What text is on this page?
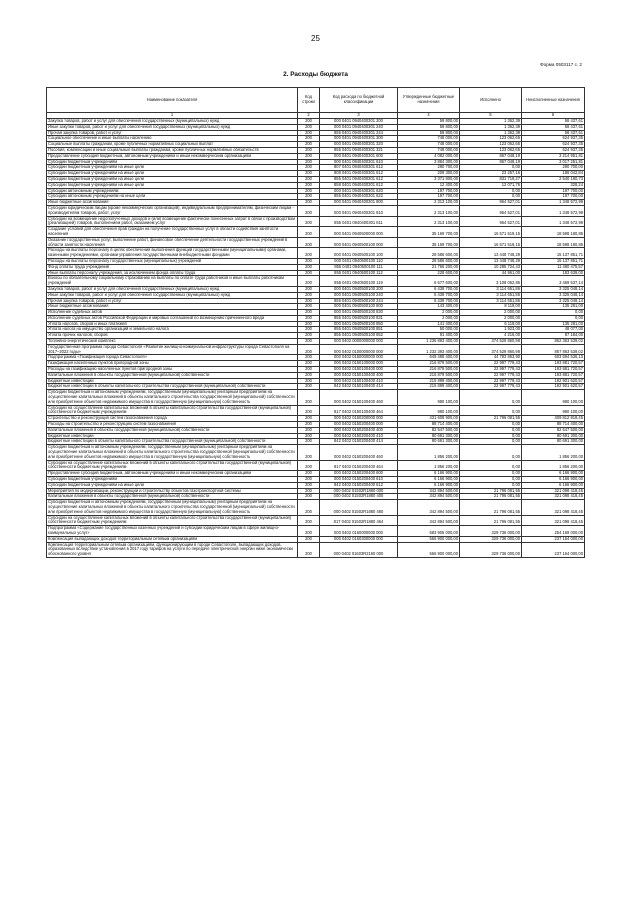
25
Форма 0503117 с. 2
2. Расходы бюджета
Наименование показателя	Код строки	Код расхода по бюджетной классификации	Утвержденные бюджетные назначения	Исполнено	Неисполненные назначения
1	2	3	4	5	6
Закупка товаров, работ и услуг для обеспечения государственных (муниципальных) нужд	200	000 0401 0940400301 200	59 800,00	1 362,39	58 437,61
Иные закупки товаров, работ и услуг для обеспечения государственных (муниципальных) нужд	200	000 0401 0940400301 240	59 800,00	1 362,39	58 437,61
Прочая закупка товаров, работ и услуг	200	855 0401 0940400301 244	59 800,00	1 362,39	58 437,61
Социальное обеспечение и иные выплаты населению	200	000 0401 0940400301 300	748 000,00	123 062,65	624 937,35
Социальные выплаты гражданам, кроме публичных нормативных социальных выплат	200	000 0401 0940400301 320	748 000,00	123 062,65	624 937,35
Пособия, компенсации и иные социальные выплаты гражданам, кроме публичных нормативных обязательств	200	855 0401 0940400301 321	748 000,00	123 062,65	624 937,35
Предоставление субсидий бюджетным, автономным учреждениям и иным некоммерческим организациям	200	000 0401 0940400301 600	4 082 000,00	867 048,19	3 214 951,81
Субсидии бюджетным учреждениям	200	000 0401 0940400301 610	3 884 300,00	867 048,19	3 017 251,81
Субсидии бюджетным учреждениям на иные цели	200	807 0401 0940400301 612	290 700,00	0,00	290 700,00
Субсидии бюджетным учреждениям на иные цели	200	808 0401 0940400301 612	209 300,00	23 257,16	186 042,84
Субсидии бюджетным учреждениям на иные цели	200	855 0401 0940400301 612	3 371 800,00	831 719,27	2 540 180,73
Субсидии бюджетным учреждениям на иные цели	200	858 0401 0940400301 612	12 400,00	12 071,76	328,24
Субсидии автономным учреждениям	200	000 0401 0940400301 620	197 700,00	0,00	197 700,00
Субсидии автономным учреждениям на иные цели	200	855 0401 0940400301 622	197 700,00	0,00	197 700,00
Иные бюджетные ассигнования	200	000 0401 0940400301 800	2 313 100,00	964 527,01	1 348 572,99
Субсидии юридическим лицам (кроме некоммерческих организаций), индивидуальным предпринимателям, физическим лицам - производителям товаров, работ, услуг	200	000 0401 0940400301 810	2 313 100,00	964 527,01	1 348 572,99
Субсидии на возмещение недополученных доходов и (или) возмещение фактически понесенных затрат в связи с производством (реализацией) товаров, выполнением работ, оказанием услуг	200	855 0401 0940400301 811	2 313 100,00	964 527,01	1 348 572,99
Создание условий для обеспечения прав граждан на получение государственных услуг в области содействия занятости населения	200	000 0401 0940500000 000	35 169 700,00	16 571 519,15	18 598 180,85
Оказание государственных услуг, выполнение работ, финансовое обеспечение деятельности государственных учреждений в области занятости населения	200	000 0401 0940500100 000	35 169 700,00	16 571 519,15	18 598 180,85
Расходы на выплаты персоналу в целях обеспечения выполнения функций государственными (муниципальными) органами, казенными учреждениями, органами управления государственными внебюджетными фондами	200	000 0401 0940500100 100	28 586 600,00	13 448 748,29	15 137 851,71
Расходы на выплаты персоналу государственных (муниципальных) учреждений	200	000 0401 0940500100 110	28 586 600,00	13 448 748,29	15 137 851,71
Фонд оплаты труда учреждений	200	855 0401 0940500100 111	21 766 200,00	10 285 724,43	11 480 475,57
Иные выплаты персоналу учреждений, за исключением фонда оплаты труда	200	855 0401 0940500100 112	228 600,00	44 961,00	183 639,00
Взносы по обязательному социальному страхованию на выплаты по оплате труда работников и иные выплаты работникам учреждений	200	855 0401 0940500100 119	6 577 600,00	3 108 062,86	3 469 537,14
Закупка товаров, работ и услуг для обеспечения государственных (муниципальных) нужд	200	000 0401 0940500100 200	6 439 700,00	3 114 651,86	3 325 048,14
Иные закупки товаров, работ и услуг для обеспечения государственных (муниципальных) нужд	200	000 0401 0940500100 240	6 439 700,00	3 114 651,86	3 325 048,14
Прочая закупка товаров, работ и услуг	200	855 0401 0940500100 244	6 439 700,00	3 114 651,86	3 325 048,14
Иные бюджетные ассигнования	200	000 0401 0940500100 800	143 400,00	8 119,00	135 281,00
Исполнение судебных актов	200	000 0401 0940500100 830	2 000,00	2 000,00	0,00
Исполнение судебных актов Российской Федерации и мировых соглашений по возмещению причиненного вреда	200	855 0401 0940500100 831	2 000,00	2 000,00	0,00
Уплата налогов, сборов и иных платежей	200	000 0401 0940500100 850	141 400,00	6 119,00	135 281,00
Уплата налога на имущество организаций и земельного налога	200	855 0401 0940500100 851	50 000,00	1 923,00	48 077,00
Уплата прочих налогов, сборов	200	855 0401 0940500100 852	91 400,00	4 216,00	87 184,00
Топливно-энергетический комплекс	200	000 0402 0000000000 000	1 236 893 400,00	374 529 860,98	862 363 539,02
Государственная программа города Севастополя «Развитие жилищно-коммунальной инфраструктуры города Севастополя на 2017–2022 годы»	200	000 0402 0100000000 000	1 232 393 400,00	374 529 860,98	857 863 539,02
Подпрограмма «Газификация города Севастополя»	200	000 0402 0150000000 000	649 488 400,00	44 793 863,90	603 694 536,10
Газификация населенных пунктов пригородной зоны	200	000 0402 0150100000 000	216 879 500,00	22 997 779,43	193 881 720,57
Расходы на газификацию населенных пунктов пригородной зоны	200	000 0402 0150100400 000	216 879 500,00	22 997 779,43	193 881 720,57
Капитальные вложения в объекты государственной (муниципальной) собственности	200	000 0402 0150100400 400	216 879 500,00	22 997 779,43	193 881 720,57
Бюджетные инвестиции	200	000 0402 0150100400 410	215 899 400,00	22 997 779,43	192 901 620,57
Бюджетные инвестиции в объекты капитального строительства государственной (муниципальной) собственности	200	842 0402 0150100400 414	215 899 400,00	22 997 779,43	192 901 620,57
Субсидии бюджетным и автономным учреждениям, государственным (муниципальным) унитарным предприятиям на осуществление капитальных вложений в объекты капитального строительства государственной (муниципальной) собственности или приобретение объектов недвижимого имущества в государственную (муниципальную) собственность	200	000 0402 0150100400 460	980 100,00	0,00	980 100,00
Субсидии на осуществление капитальных вложений в объекты капитального строительства государственной (муниципальной) собственности бюджетным учреждениям	200	817 0402 0150100400 464	980 100,00	0,00	980 100,00
Строительство и реконструкция систем газоснабжения города	200	000 0402 0150200000 000	431 608 900,00	21 796 081,55	409 812 818,45
Расходы на строительство и реконструкцию систем газоснабжения	200	000 0402 0150200400 000	88 714 400,00	0,00	88 714 400,00
Капитальные вложения в объекты государственной (муниципальной) собственности	200	000 0402 0150200400 400	82 547 500,00	0,00	82 547 500,00
Бюджетные инвестиции	200	000 0402 0150200400 410	80 691 300,00	0,00	80 691 300,00
Бюджетные инвестиции в объекты капитального строительства государственной (муниципальной) собственности	200	842 0402 0150200400 414	80 691 300,00	0,00	80 691 300,00
Субсидии бюджетным и автономным учреждениям, государственным (муниципальным) унитарным предприятиям на осуществление капитальных вложений в объекты капитального строительства государственной (муниципальной) собственности или приобретение объектов недвижимого имущества в государственную (муниципальную) собственность	200	000 0402 0150200400 460	1 856 200,00	0,00	1 856 200,00
Субсидии на осуществление капитальных вложений в объекты капитального строительства государственной (муниципальной) собственности бюджетным учреждениям	200	817 0402 0150200400 464	1 856 200,00	0,00	1 856 200,00
Предоставление субсидий бюджетным, автономным учреждениям и иным некоммерческим организациям	200	000 0402 0150200400 600	6 166 900,00	0,00	6 166 900,00
Субсидии бюджетным учреждениям	200	000 0402 0150200400 610	6 166 900,00	0,00	6 166 900,00
Субсидии бюджетным учреждениям на иные цели	200	842 0402 0150200400 612	6 166 900,00	0,00	6 166 900,00
Мероприятия по модернизации, реконструкции и строительству объектов газотранспортной системы	200	000 0402 01502R1880 000	342 894 500,00	21 796 081,55	321 098 418,45
Капитальные вложения в объекты государственной (муниципальной) собственности	200	000 0402 01502R1880 400	342 894 500,00	21 796 081,55	321 098 418,45
Субсидии бюджетным и автономным учреждениям, государственным (муниципальным) унитарным предприятиям на осуществление капитальных вложений в объекты капитального строительства государственной (муниципальной) собственности или приобретение объектов недвижимого имущества в государственную (муниципальную) собственность	200	000 0402 01502R1880 460	342 894 500,00	21 796 081,55	321 098 418,45
Субсидии на осуществление капитальных вложений в объекты капитального строительства государственной (муниципальной) собственности бюджетным учреждениям	200	817 0402 01502R1880 464	342 894 500,00	21 796 081,55	321 098 418,45
Подпрограмма «Содержание государственных казенных учреждений и субсидии юридическим лицам в сфере жилищно-коммунальных услуг»	200	000 0402 0160000000 000	583 905 000,00	329 736 000,00	254 169 000,00
Компенсация выпадающих доходов территориальным сетевым организациям	200	000 0402 0160300000 000	566 900 000,00	329 736 000,00	237 164 000,00
Компенсация территориальным сетевым организациям, функционирующим в городе Севастополе, выпадающих доходов, образованных вследствие установления в 2017 году тарифов на услуги по передаче электрической энергии ниже экономически обоснованного уровня	200	000 0402 01603R2160 000	566 900 000,00	329 736 000,00	237 164 000,00
